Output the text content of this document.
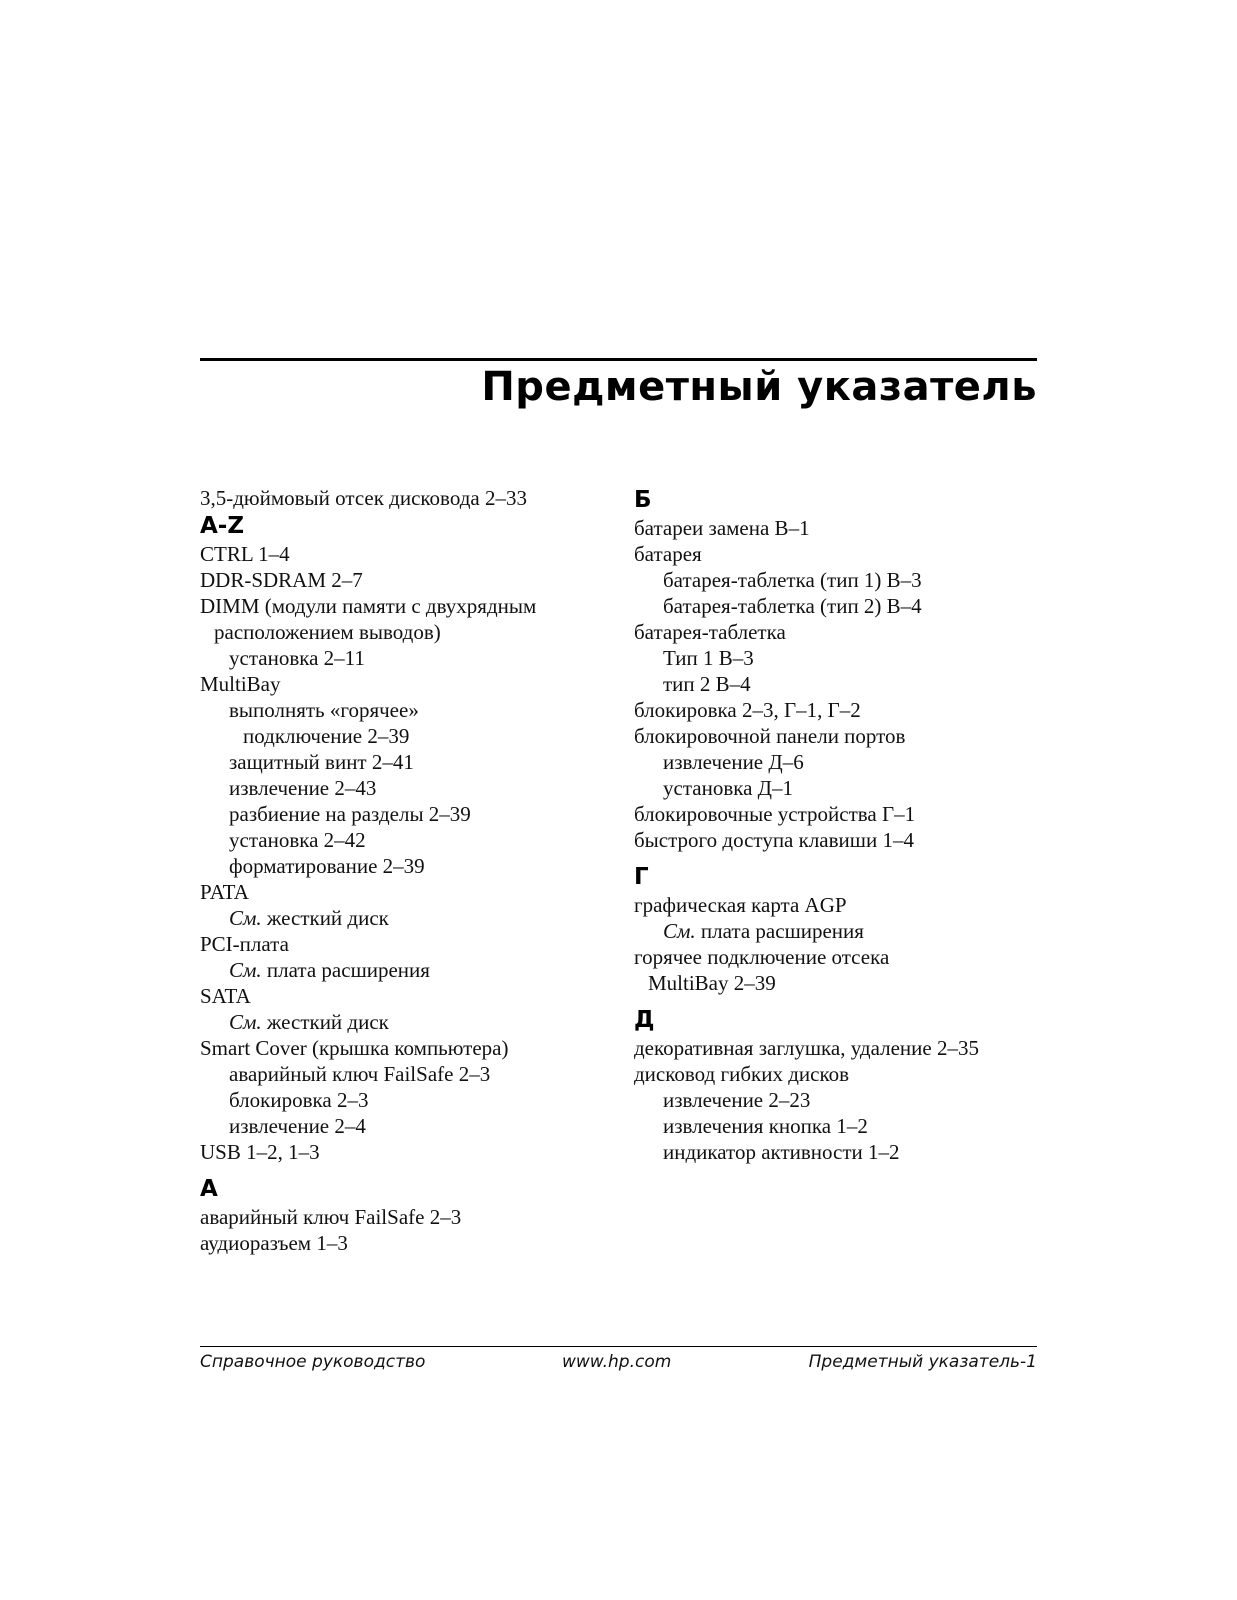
Предметный указатель
3,5-дюймовый отсек дисковода 2–33
A-Z
CTRL 1–4
DDR-SDRAM 2–7
DIMM (модули памяти с двухрядным
расположением выводов)
установка 2–11
MultiBay
выполнять «горячее»
подключение 2–39
защитный винт 2–41
извлечение 2–43
разбиение на разделы 2–39
установка 2–42
форматирование 2–39
PATA
См. жесткий диск
PCI-плата
См. плата расширения
SATA
См. жесткий диск
Smart Cover (крышка компьютера)
аварийный ключ FailSafe 2–3
блокировка 2–3
извлечение 2–4
USB 1–2, 1–3
А
аварийный ключ FailSafe 2–3
аудиоразъем 1–3
Б
батареи замена В–1
батарея
батарея-таблетка (тип 1) В–3
батарея-таблетка (тип 2) В–4
батарея-таблетка
Тип 1 В–3
тип 2 В–4
блокировка 2–3, Г–1, Г–2
блокировочной панели портов
извлечение Д–6
установка Д–1
блокировочные устройства Г–1
быстрого доступа клавиши 1–4
Г
графическая карта AGP
См. плата расширения
горячее подключение отсека
MultiBay 2–39
Д
декоративная заглушка, удаление 2–35
дисковод гибких дисков
извлечение 2–23
извлечения кнопка 1–2
индикатор активности 1–2
Справочное руководство	www.hp.com	Предметный указатель-1
